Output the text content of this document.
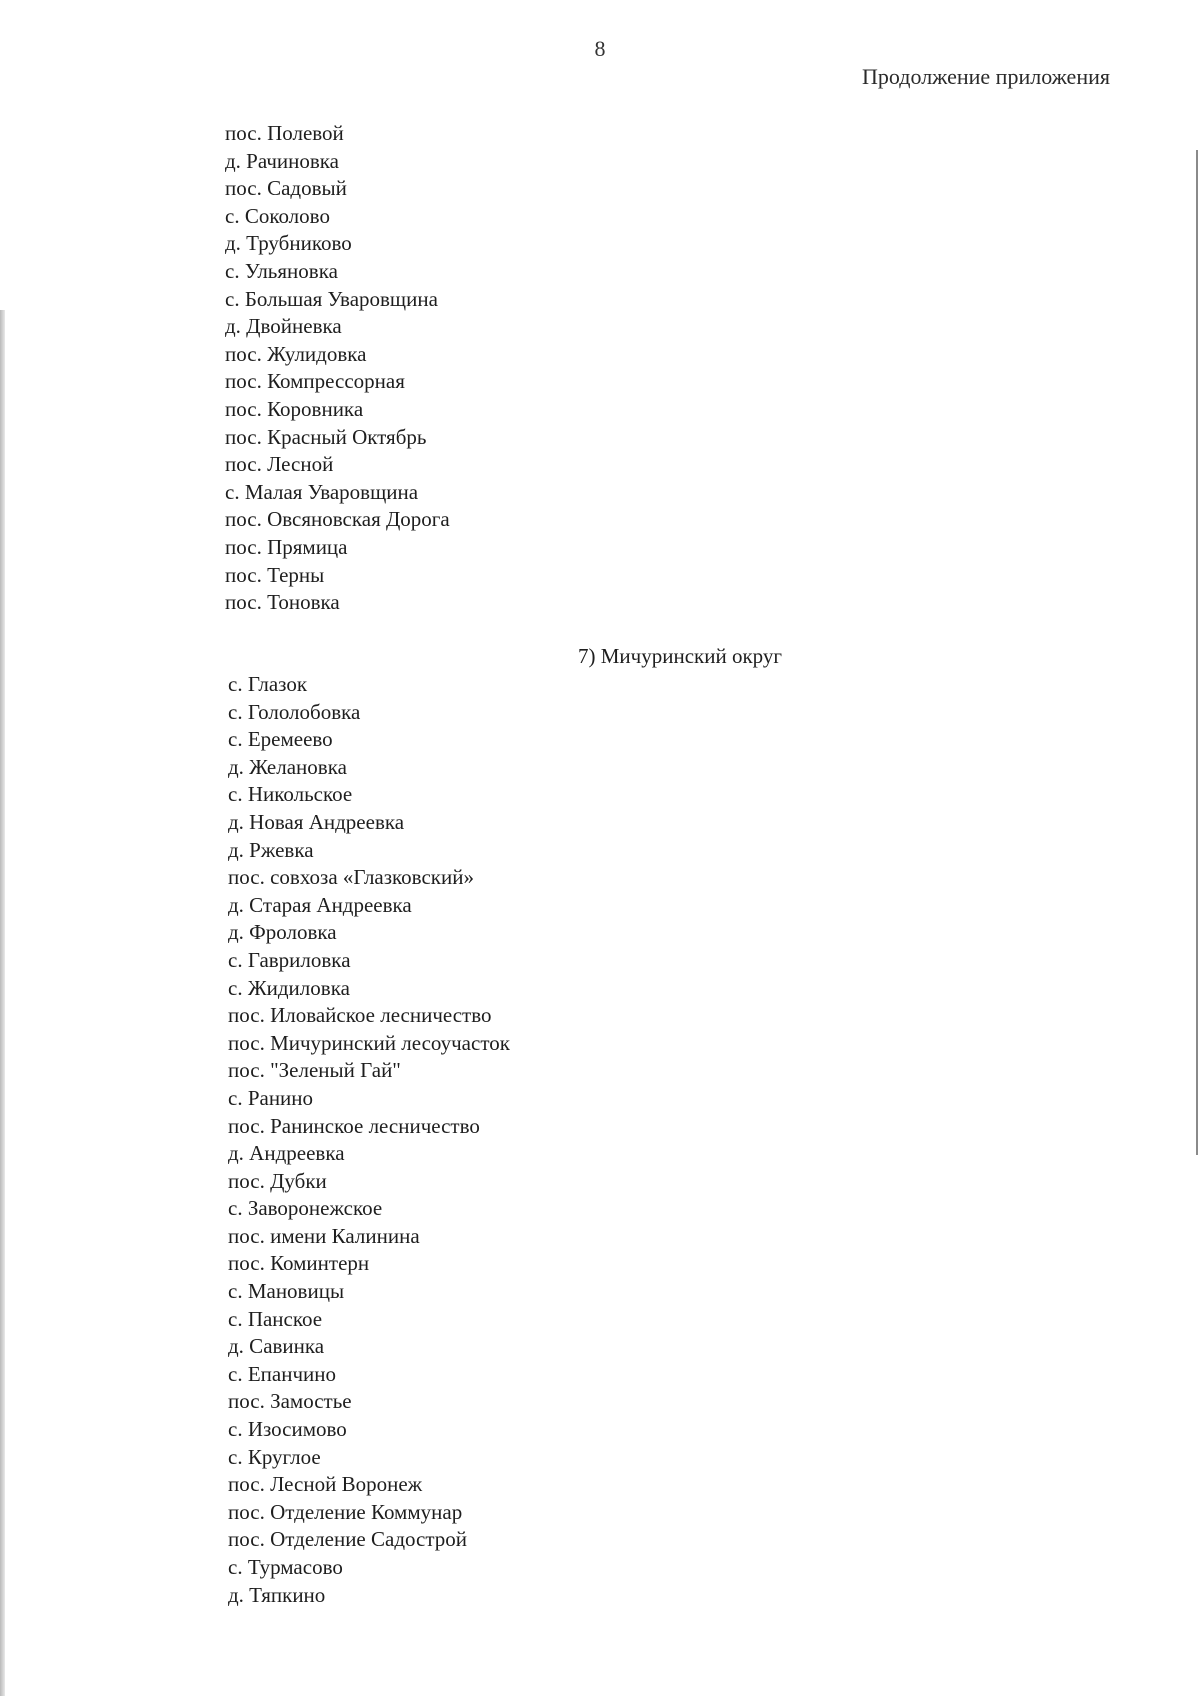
8
Продолжение приложения
пос. Полевой
д. Рачиновка
пос. Садовый
с. Соколово
д. Трубниково
с. Ульяновка
с. Большая Уваровщина
д. Двойневка
пос. Жулидовка
пос. Компрессорная
пос. Коровника
пос. Красный Октябрь
пос. Лесной
с. Малая Уваровщина
пос. Овсяновская Дорога
пос. Прямица
пос. Терны
пос. Тоновка
7) Мичуринский округ
с. Глазок
с. Гололобовка
с. Еремеево
д. Желановка
с. Никольское
д. Новая Андреевка
д. Ржевка
пос. совхоза «Глазковский»
д. Старая Андреевка
д. Фроловка
с. Гавриловка
с. Жидиловка
пос. Иловайское лесничество
пос. Мичуринский лесоучасток
пос. "Зеленый Гай"
с. Ранино
пос. Ранинское лесничество
д. Андреевка
пос. Дубки
с. Заворонежское
пос. имени Калинина
пос. Коминтерн
с. Мановицы
с. Панское
д. Савинка
с. Епанчино
пос. Замостье
с. Изосимово
с. Круглое
пос. Лесной Воронеж
пос. Отделение Коммунар
пос. Отделение Садострой
с. Турмасово
д. Тяпкино
